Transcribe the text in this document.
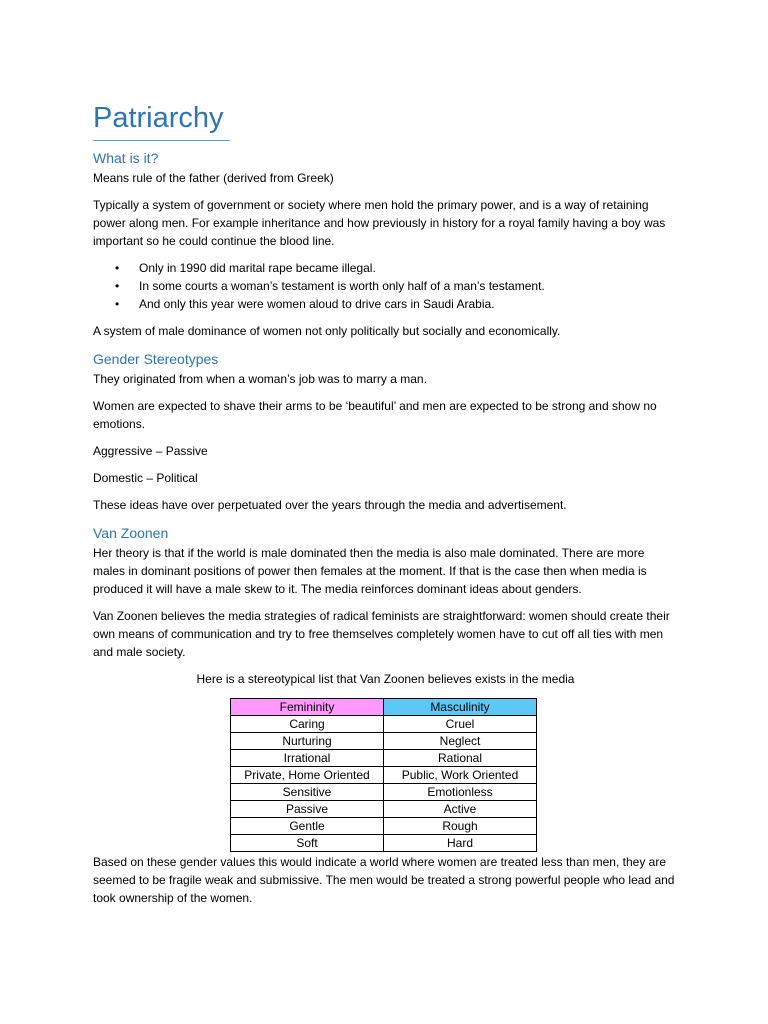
Patriarchy
What is it?

Means rule of the father (derived from Greek)

Typically a system of government or society where men hold the primary power, and is a way of retaining power along men. For example inheritance and how previously in history for a royal family having a boy was important so he could continue the blood line.

• Only in 1990 did marital rape became illegal.
• In some courts a woman’s testament is worth only half of a man’s testament.
• And only this year were women aloud to drive cars in Saudi Arabia.

A system of male dominance of women not only politically but socially and economically.

Gender Stereotypes

They originated from when a woman’s job was to marry a man.

Women are expected to shave their arms to be ‘beautiful’ and men are expected to be strong and show no emotions.

Aggressive – Passive

Domestic – Political

These ideas have over perpetuated over the years through the media and advertisement.

Van Zoonen

Her theory is that if the world is male dominated then the media is also male dominated. There are more males in dominant positions of power then females at the moment. If that is the case then when media is produced it will have a male skew to it. The media reinforces dominant ideas about genders.

Van Zoonen believes the media strategies of radical feminists are straightforward: women should create their own means of communication and try to free themselves completely women have to cut off all ties with men and male society.

Here is a stereotypical list that Van Zoonen believes exists in the media

Femininity	Masculinity
Caring	Cruel
Nurturing	Neglect
Irrational	Rational
Private, Home Oriented	Public, Work Oriented
Sensitive	Emotionless
Passive	Active
Gentle	Rough
Soft	Hard

Based on these gender values this would indicate a world where women are treated less than men, they are seemed to be fragile weak and submissive. The men would be treated a strong powerful people who lead and took ownership of the women.
